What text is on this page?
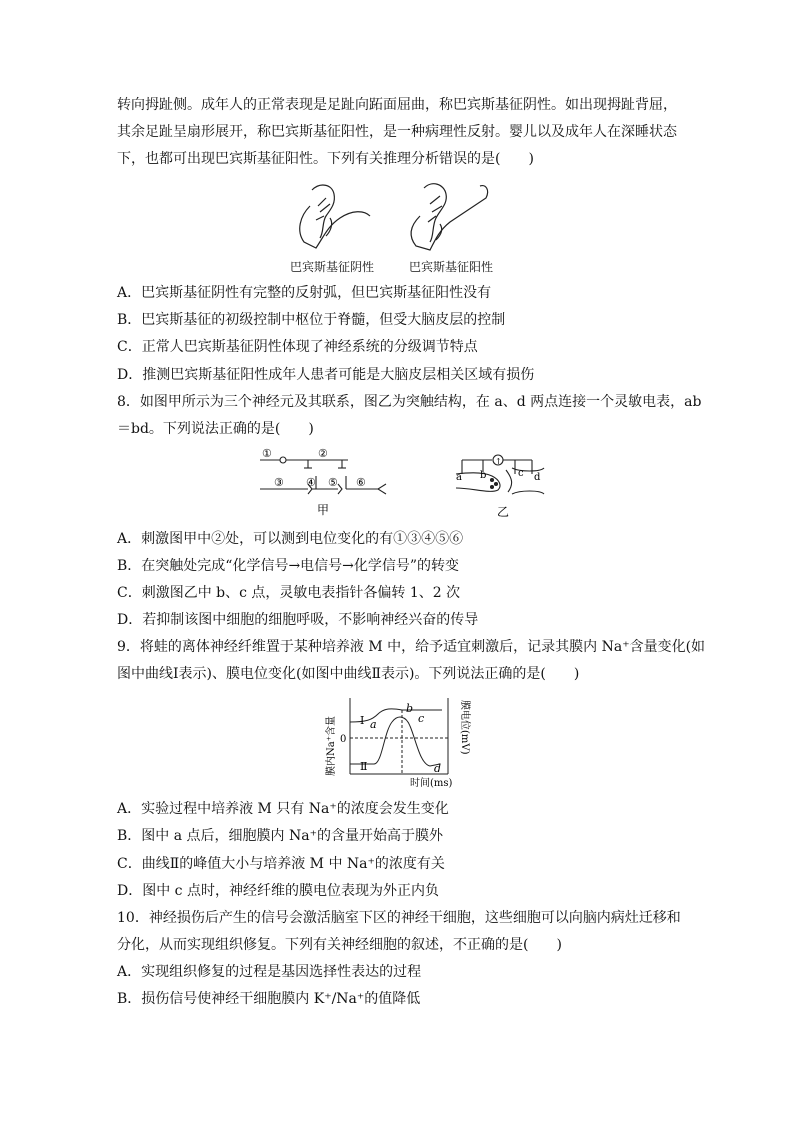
转向拇趾侧。成年人的正常表现是足趾向跖面屈曲，称巴宾斯基征阴性。如出现拇趾背屈，
其余足趾呈扇形展开，称巴宾斯基征阳性，是一种病理性反射。婴儿以及成年人在深睡状态
下，也都可出现巴宾斯基征阳性。下列有关推理分析错误的是(　　)
巴宾斯基征阴性	巴宾斯基征阳性
A．巴宾斯基征阴性有完整的反射弧，但巴宾斯基征阳性没有
B．巴宾斯基征的初级控制中枢位于脊髓，但受大脑皮层的控制
C．正常人巴宾斯基征阴性体现了神经系统的分级调节特点
D．推测巴宾斯基征阳性成年人患者可能是大脑皮层相关区域有损伤
8．如图甲所示为三个神经元及其联系，图乙为突触结构，在 a、d 两点连接一个灵敏电表，ab
＝bd。下列说法正确的是(　　)
①	②
③ ④ ⑤ ⑥
甲
↑
a b	c d
乙
A．刺激图甲中②处，可以测到电位变化的有①③④⑤⑥
B．在突触处完成“化学信号→电信号→化学信号”的转变
C．刺激图乙中 b、c 点，灵敏电表指针各偏转 1、2 次
D．若抑制该图中细胞的细胞呼吸，不影响神经兴奋的传导
9．将蛙的离体神经纤维置于某种培养液 M 中，给予适宜刺激后，记录其膜内 Na⁺含量变化(如
图中曲线Ⅰ表示)、膜电位变化(如图中曲线Ⅱ表示)。下列说法正确的是(　　)
0
Ⅰ
Ⅱ
a
b
c
d
时间(ms)
膜内Na⁺含量	膜电位(mV)
A．实验过程中培养液 M 只有 Na⁺的浓度会发生变化
B．图中 a 点后，细胞膜内 Na⁺的含量开始高于膜外
C．曲线Ⅱ的峰值大小与培养液 M 中 Na⁺的浓度有关
D．图中 c 点时，神经纤维的膜电位表现为外正内负
10．神经损伤后产生的信号会激活脑室下区的神经干细胞，这些细胞可以向脑内病灶迁移和
分化，从而实现组织修复。下列有关神经细胞的叙述，不正确的是(　　)
A．实现组织修复的过程是基因选择性表达的过程
B．损伤信号使神经干细胞膜内 K⁺/Na⁺的值降低
